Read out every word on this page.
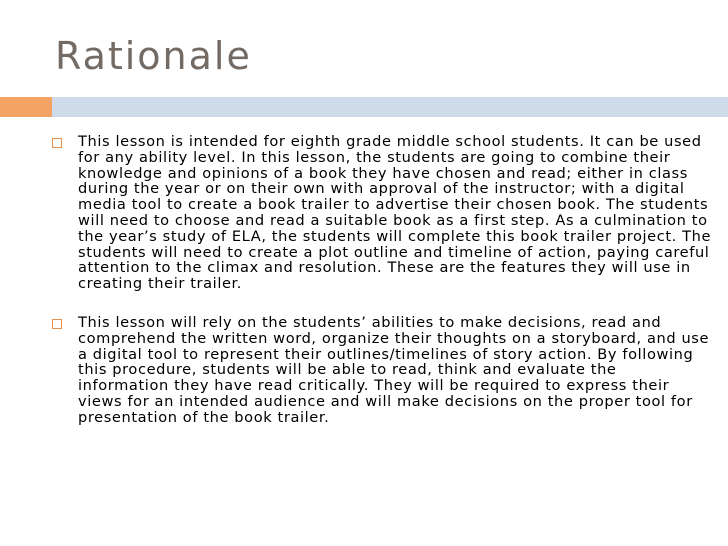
Rationale
This lesson is intended for eighth grade middle school students. It can be used for any ability level. In this lesson, the students are going to combine their knowledge and opinions of a book they have chosen and read; either in class during the year or on their own with approval of the instructor; with a digital media tool to create a book trailer to advertise their chosen book. The students will need to choose and read a suitable book as a first step. As a culmination to the year’s study of ELA, the students will complete this book trailer project. The students will need to create a plot outline and timeline of action, paying careful attention to the climax and resolution. These are the features they will use in creating their trailer.
This lesson will rely on the students’ abilities to make decisions, read and comprehend the written word, organize their thoughts on a storyboard, and use a digital tool to represent their outlines/timelines of story action. By following this procedure, students will be able to read, think and evaluate the information they have read critically. They will be required to express their views for an intended audience and will make decisions on the proper tool for presentation of the book trailer.
